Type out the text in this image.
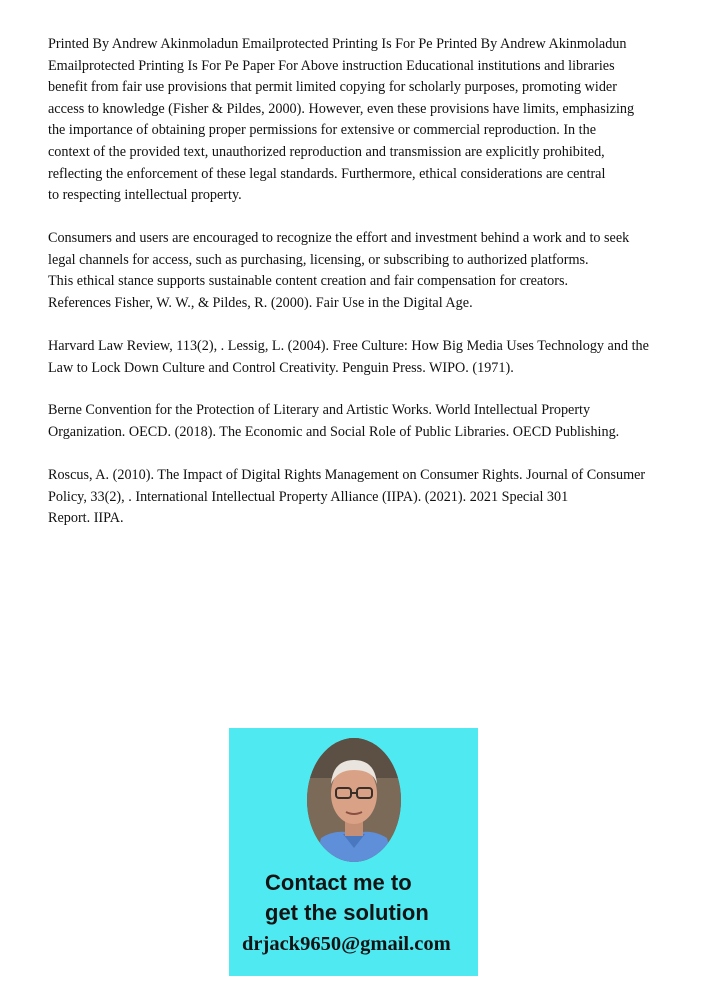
Printed By Andrew Akinmoladun Emailprotected Printing Is For Pe Printed By Andrew Akinmoladun
Emailprotected Printing Is For Pe Paper For Above instruction Educational institutions and libraries
benefit from fair use provisions that permit limited copying for scholarly purposes, promoting wider
access to knowledge (Fisher & Pildes, 2000). However, even these provisions have limits, emphasizing
the importance of obtaining proper permissions for extensive or commercial reproduction. In the
context of the provided text, unauthorized reproduction and transmission are explicitly prohibited,
reflecting the enforcement of these legal standards. Furthermore, ethical considerations are central
to respecting intellectual property.

Consumers and users are encouraged to recognize the effort and investment behind a work and to seek
legal channels for access, such as purchasing, licensing, or subscribing to authorized platforms.
This ethical stance supports sustainable content creation and fair compensation for creators.
References Fisher, W. W., & Pildes, R. (2000). Fair Use in the Digital Age.

Harvard Law Review, 113(2), . Lessig, L. (2004). Free Culture: How Big Media Uses Technology and the
Law to Lock Down Culture and Control Creativity. Penguin Press. WIPO. (1971).

Berne Convention for the Protection of Literary and Artistic Works. World Intellectual Property
Organization. OECD. (2018). The Economic and Social Role of Public Libraries. OECD Publishing.

Roscus, A. (2010). The Impact of Digital Rights Management on Consumer Rights. Journal of Consumer
Policy, 33(2), . International Intellectual Property Alliance (IIPA). (2021). 2021 Special 301
Report. IIPA.

Contact me to
get the solution
drjack9650@gmail.com
